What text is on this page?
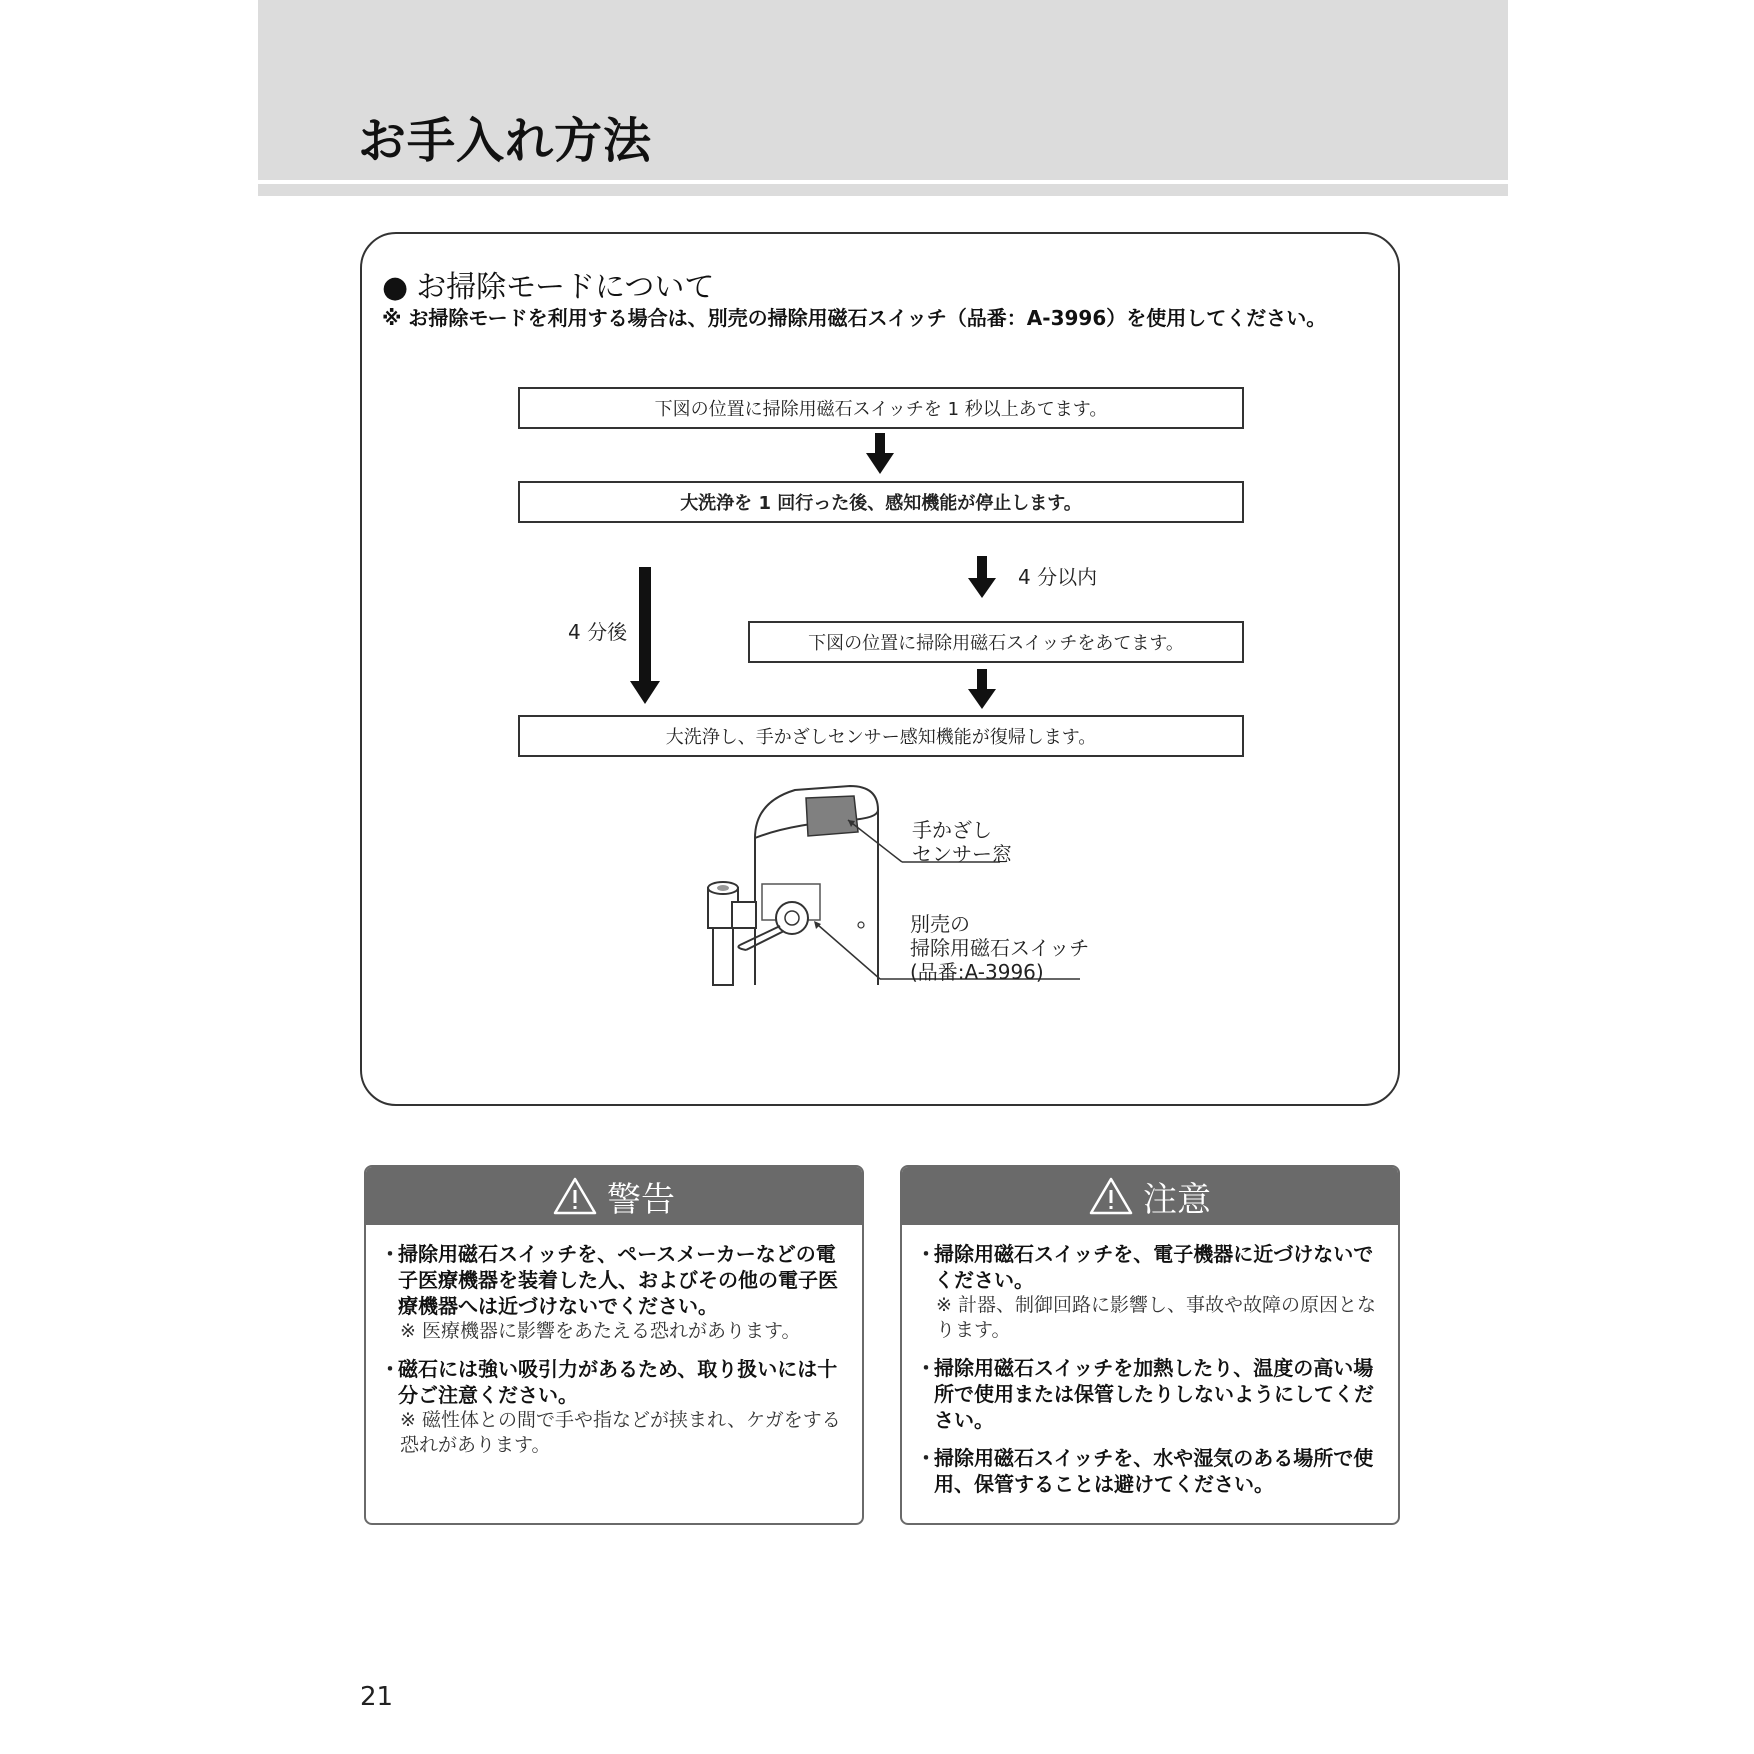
お手入れ方法
● お掃除モードについて
※ お掃除モードを利用する場合は、別売の掃除用磁石スイッチ（品番：A-3996）を使用してください。
下図の位置に掃除用磁石スイッチを 1 秒以上あてます。
大洗浄を 1 回行った後、感知機能が停止します。
下図の位置に掃除用磁石スイッチをあてます。
大洗浄し、手かざしセンサー感知機能が復帰します。
4 分以内
4 分後
手かざし
センサー窓
別売の
掃除用磁石スイッチ
(品番:A-3996)
警告
・
掃除用磁石スイッチを、ペースメーカーなどの電子医療機器を装着した人、およびその他の電子医療機器へは近づけないでください。
※ 医療機器に影響をあたえる恐れがあります。
・
磁石には強い吸引力があるため、取り扱いには十分ご注意ください。
※ 磁性体との間で手や指などが挟まれ、ケガをする恐れがあります。
注意
・
掃除用磁石スイッチを、電子機器に近づけないでください。
※ 計器、制御回路に影響し、事故や故障の原因となります。
・
掃除用磁石スイッチを加熱したり、温度の高い場所で使用または保管したりしないようにしてください。
・
掃除用磁石スイッチを、水や湿気のある場所で使用、保管することは避けてください。
21
